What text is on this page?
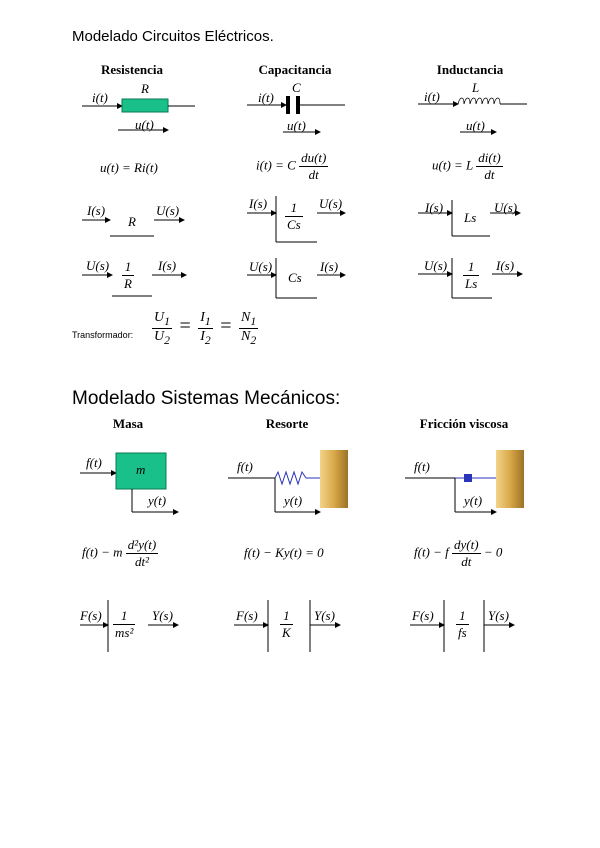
Modelado Circuitos Eléctricos.
Modelado Sistemas Mecánicos:
Resistencia	Capacitancia	Inductancia
i(t)
R
u(t)
i(t)
C
u(t)
i(t)
L
u(t)
u(t) = Ri(t)	i(t) = C $\frac{du(t)}{dt}$	u(t) = L $\frac{di(t)}{dt}$
I(s)
R
U(s)
$U(s) \frac{1}{R} I(s)$
$I(s) \frac{1}{Cs} U(s)$
U(s)
Cs
I(s)
I(s)
Ls
U(s)
$U(s) \frac{1}{Ls} I(s)$
Transformador: $\frac{U_1}{U_2} = \frac{I_1}{I_2} = \frac{N_1}{N_2}$
Masa	Resorte	Fricción viscosa
f(t)	m
y(t)
f(t)
y(t)
f(t)
y(t)
f(t) − m $\frac{\text{d²y(t)}}{\text{dt²}}$	f(t) − Ky(t) = 0	f(t) − f $\frac{dy(t)}{dt} - 0$
$F(s) \frac{1}{\text{ms²}} Y(s)$	$F(s) \frac{1}{K} Y(s)$	$F(s) \frac{1}{fs} Y(s)$
